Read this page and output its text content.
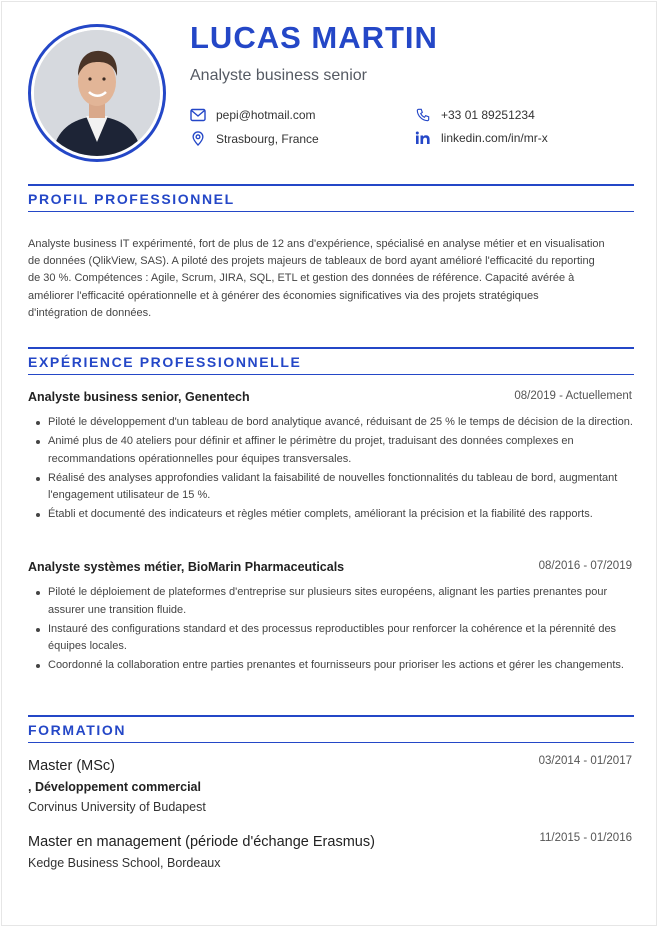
LUCAS MARTIN
Analyste business senior
pepi@hotmail.com	+33 01 89251234
Strasbourg, France	linkedin.com/in/mr-x
PROFIL PROFESSIONNEL
Analyste business IT expérimenté, fort de plus de 12 ans d'expérience, spécialisé en analyse métier et en visualisation
de données (QlikView, SAS). A piloté des projets majeurs de tableaux de bord ayant amélioré l'efficacité du reporting
de 30 %. Compétences : Agile, Scrum, JIRA, SQL, ETL et gestion des données de référence. Capacité avérée à
améliorer l'efficacité opérationnelle et à générer des économies significatives via des projets stratégiques
d'intégration de données.
EXPÉRIENCE PROFESSIONNELLE
Analyste business senior, Genentech	08/2019 - Actuellement
Piloté le développement d'un tableau de bord analytique avancé, réduisant de 25 % le temps de décision de la direction.
Animé plus de 40 ateliers pour définir et affiner le périmètre du projet, traduisant des données complexes en recommandations opérationnelles pour équipes transversales.
Réalisé des analyses approfondies validant la faisabilité de nouvelles fonctionnalités du tableau de bord, augmentant l'engagement utilisateur de 15 %.
Établi et documenté des indicateurs et règles métier complets, améliorant la précision et la fiabilité des rapports.
Analyste systèmes métier, BioMarin Pharmaceuticals	08/2016 - 07/2019
Piloté le déploiement de plateformes d'entreprise sur plusieurs sites européens, alignant les parties prenantes pour assurer une transition fluide.
Instauré des configurations standard et des processus reproductibles pour renforcer la cohérence et la pérennité des équipes locales.
Coordonné la collaboration entre parties prenantes et fournisseurs pour prioriser les actions et gérer les changements.
FORMATION
Master (MSc)	03/2014 - 01/2017
, Développement commercial
Corvinus University of Budapest
Master en management (période d'échange Erasmus)	11/2015 - 01/2016
Kedge Business School, Bordeaux
